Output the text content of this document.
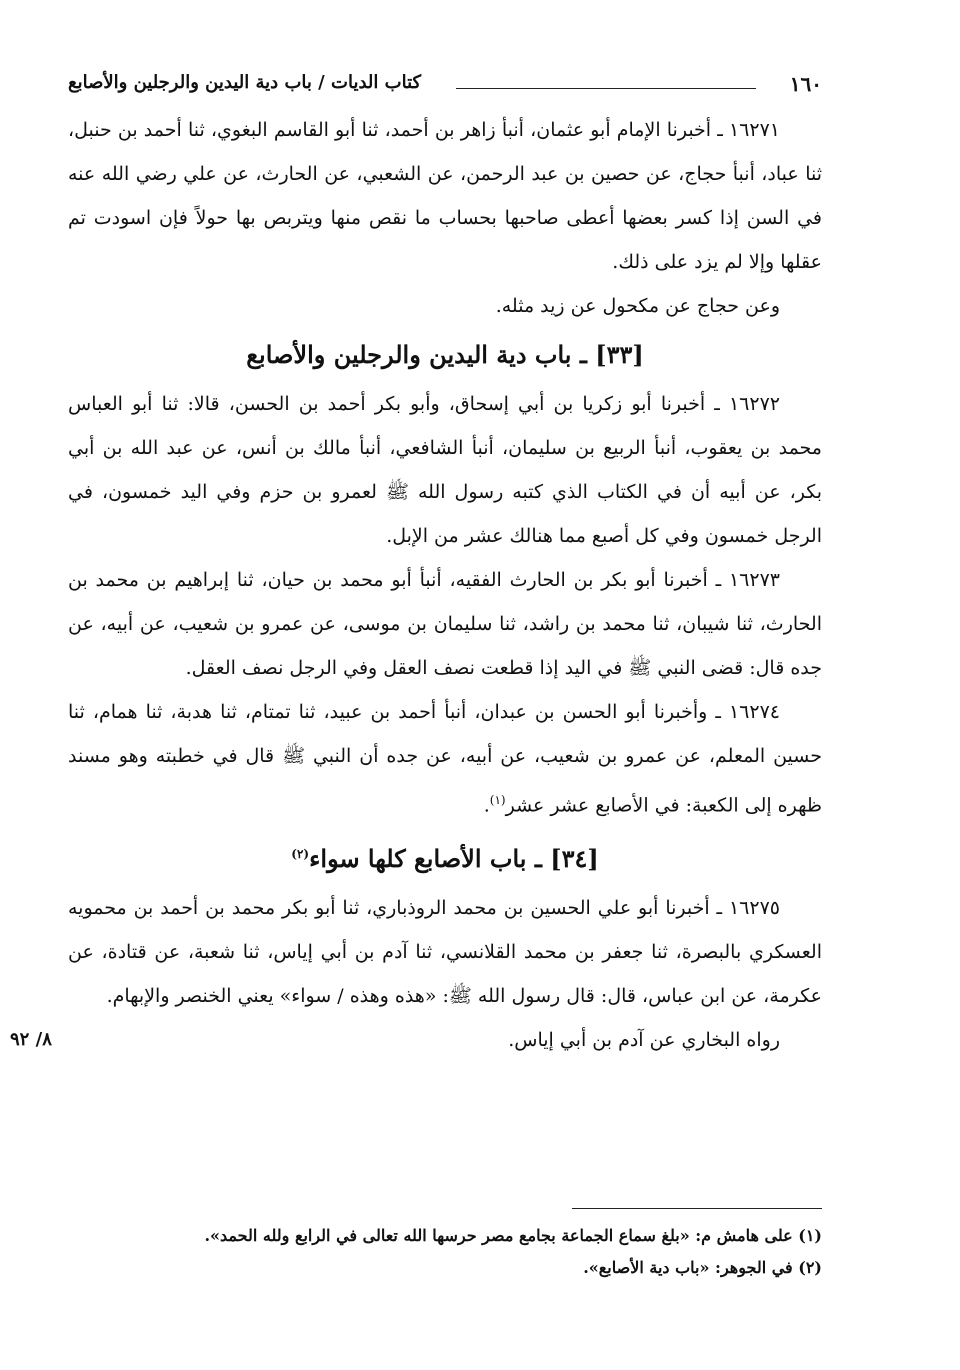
١٦٠
كتاب الديات / باب دية اليدين والرجلين والأصابع

١٦٢٧١ ـ أخبرنا الإمام أبو عثمان، أنبأ زاهر بن أحمد، ثنا أبو القاسم البغوي، ثنا أحمد بن حنبل، ثنا عباد، أنبأ حجاج، عن حصين بن عبد الرحمن، عن الشعبي، عن الحارث، عن علي رضي الله عنه في السن إذا كسر بعضها أعطى صاحبها بحساب ما نقص منها ويتربص بها حولاً فإن اسودت تم عقلها وإلا لم يزد على ذلك.

وعن حجاج عن مكحول عن زيد مثله.

[٣٣] ـ باب دية اليدين والرجلين والأصابع

١٦٢٧٢ ـ أخبرنا أبو زكريا بن أبي إسحاق، وأبو بكر أحمد بن الحسن، قالا: ثنا أبو العباس محمد بن يعقوب، أنبأ الربيع بن سليمان، أنبأ الشافعي، أنبأ مالك بن أنس، عن عبد الله بن أبي بكر، عن أبيه أن في الكتاب الذي كتبه رسول الله ﷺ لعمرو بن حزم وفي اليد خمسون، في الرجل خمسون وفي كل أصبع مما هنالك عشر من الإبل.

١٦٢٧٣ ـ أخبرنا أبو بكر بن الحارث الفقيه، أنبأ أبو محمد بن حيان، ثنا إبراهيم بن محمد بن الحارث، ثنا شيبان، ثنا محمد بن راشد، ثنا سليمان بن موسى، عن عمرو بن شعيب، عن أبيه، عن جده قال: قضى النبي ﷺ في اليد إذا قطعت نصف العقل وفي الرجل نصف العقل.

١٦٢٧٤ ـ وأخبرنا أبو الحسن بن عبدان، أنبأ أحمد بن عبيد، ثنا تمتام، ثنا هدبة، ثنا همام، ثنا حسين المعلم، عن عمرو بن شعيب، عن أبيه، عن جده أن النبي ﷺ قال في خطبته وهو مسند ظهره إلى الكعبة: في الأصابع عشر عشر$^{(١)}$.

[٣٤] ـ باب الأصابع كلها سواء$^{(٢)}$

١٦٢٧٥ ـ أخبرنا أبو علي الحسين بن محمد الروذباري، ثنا أبو بكر محمد بن أحمد بن محمويه العسكري بالبصرة، ثنا جعفر بن محمد القلانسي، ثنا آدم بن أبي إياس، ثنا شعبة، عن قتادة، عن عكرمة، عن ابن عباس، قال: قال رسول الله ﷺ: «هذه وهذه / سواء» يعني الخنصر والإبهام.

٨/ ٩٢	رواه البخاري عن آدم بن أبي إياس.

(١) على هامش م: «بلغ سماع الجماعة بجامع مصر حرسها الله تعالى في الرابع ولله الحمد».
(٢) في الجوهر: «باب دية الأصابع».
